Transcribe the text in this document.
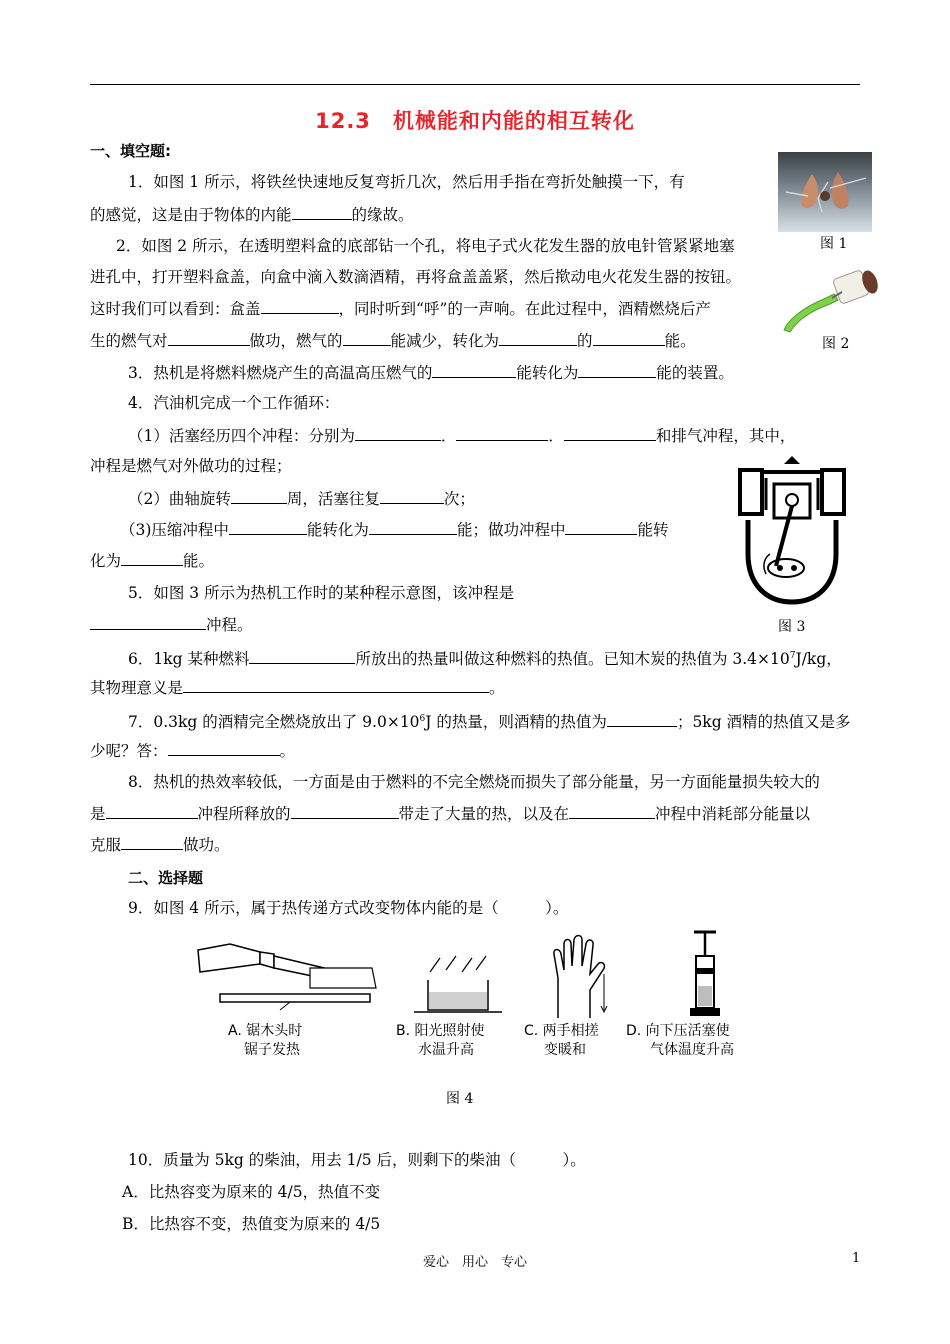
12.3　机械能和内能的相互转化
一、填空题:
1．如图 1 所示，将铁丝快速地反复弯折几次，然后用手指在弯折处触摸一下，有
的感觉，这是由于物体的内能	的缘故。
2．如图 2 所示，在透明塑料盒的底部钻一个孔，将电子式火花发生器的放电针管紧紧地塞
进孔中，打开塑料盒盖，向盒中滴入数滴酒精，再将盒盖盖紧，然后揿动电火花发生器的按钮。
这时我们可以看到：盒盖	，同时听到“呼”的一声响。在此过程中，酒精燃烧后产
生的燃气对	做功，燃气的	能减少，转化为	的	能。
3．热机是将燃料燃烧产生的高温高压燃气的	能转化为	能的装置。
4．汽油机完成一个工作循环：
（1）活塞经历四个冲程：分别为	．	．	和排气冲程，其中，
冲程是燃气对外做功的过程；
（2）曲轴旋转	周，活塞往复	次；
（3)压缩冲程中	能转化为	能；做功冲程中	能转
化为	能。
5．如图 3 所示为热机工作时的某种程示意图，该冲程是
冲程。
6．1kg 某种燃料	所放出的热量叫做这种燃料的热值。已知木炭的热值为 $3.4\times 10^7J/kg$，
其物理意义是	。
7．0.3kg 的酒精完全燃烧放出了 $9.0\times 10^6J$ 的热量，则酒精的热值为	；5kg 酒精的热值又是多
少呢？答：	。
8．热机的热效率较低，一方面是由于燃料的不完全燃烧而损失了部分能量，另一方面能量损失较大的
是	冲程所释放的	带走了大量的热，以及在	冲程中消耗部分能量以
克服	做功。
二、选择题
9．如图 4 所示，属于热传递方式改变物体内能的是（　　　）。
图 1
图 2
图 3
A. 锯木头时
锯子发热
B. 阳光照射使
水温升高
C. 两手相搓
变暖和
D. 向下压活塞使
气体温度升高
图 4
10．质量为 5kg 的柴油，用去 1/5 后，则剩下的柴油（　　　）。
A．比热容变为原来的 4/5，热值不变
B．比热容不变，热值变为原来的 4/5
爱心　用心　专心	1
